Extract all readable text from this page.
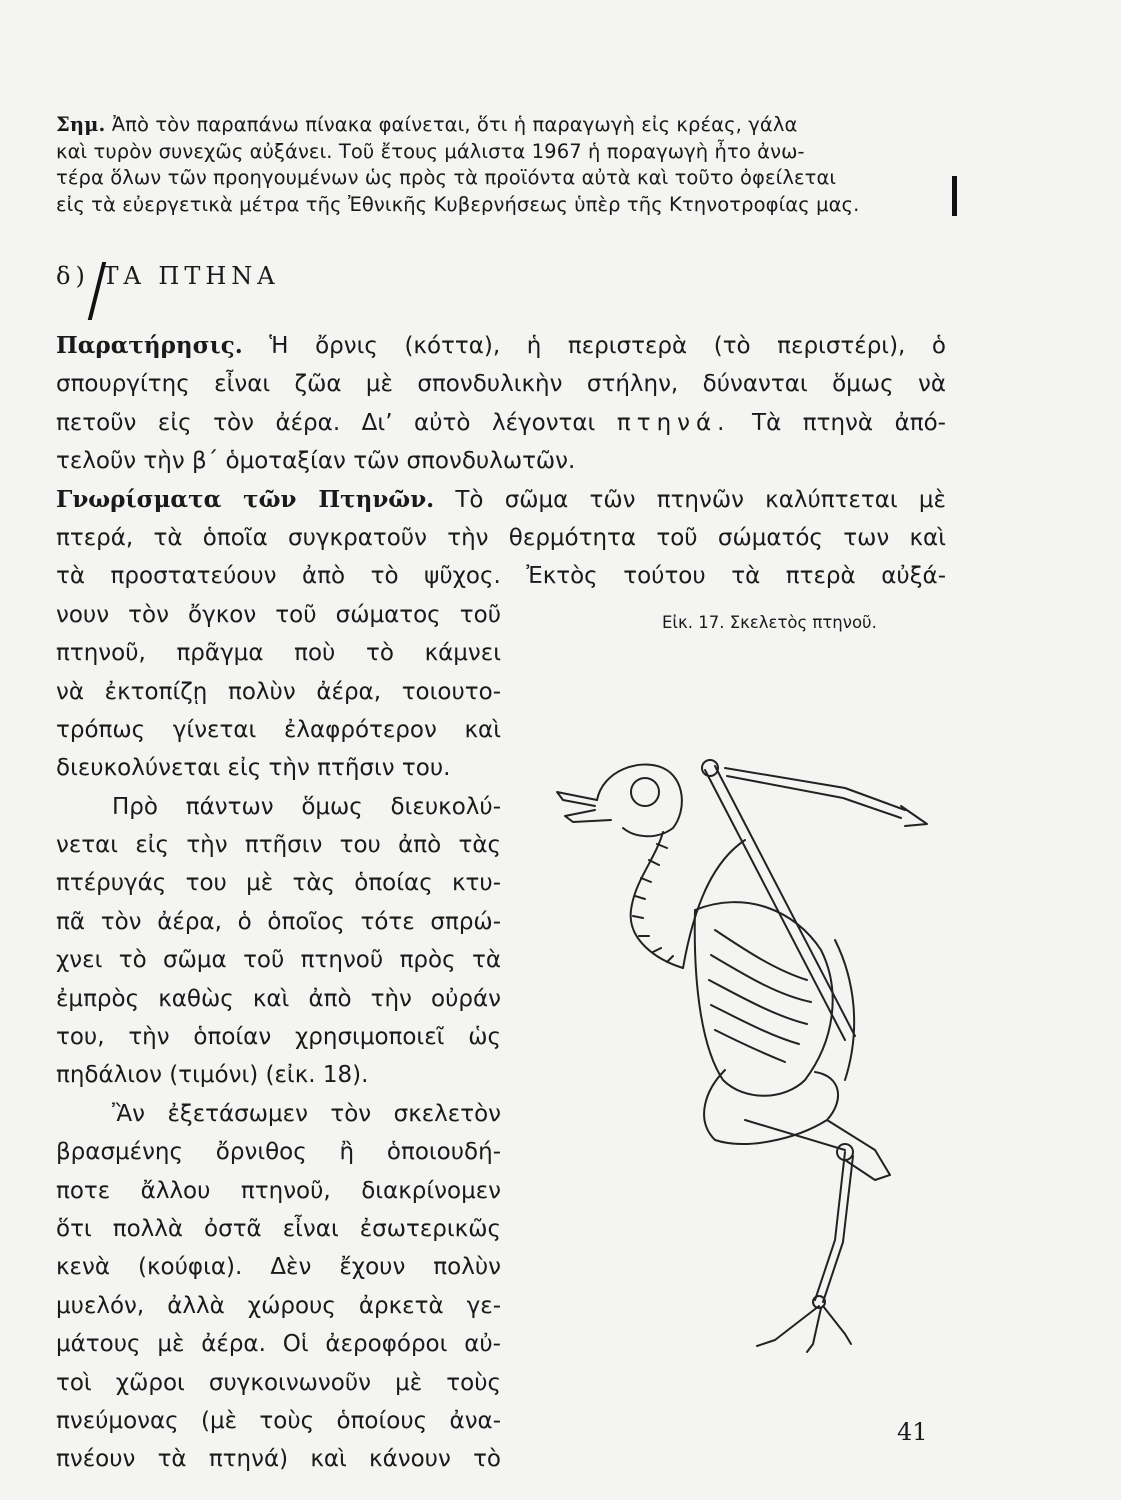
Σημ. Ἀπὸ τὸν παραπάνω πίνακα φαίνεται, ὅτι ἡ παραγωγὴ εἰς κρέας, γάλα
καὶ τυρὸν συνεχῶς αὐξάνει. Τοῦ ἔτους μάλιστα 1967 ἡ ποραγωγὴ ἦτο ἀνω-
τέρα ὅλων τῶν προηγουμένων ὡς πρὸς τὰ προϊόντα αὐτὰ καὶ τοῦτο ὀφείλεται
εἰς τὰ εὐεργετικὰ μέτρα τῆς Ἐθνικῆς Κυβερνήσεως ὑπὲρ τῆς Κτηνοτροφίας μας.
δ) ΤΑ ΠΤΗΝΑ
Παρατήρησις. Ἡ ὄρνις (κόττα), ἡ περιστερὰ (τὸ περιστέρι), ὁ
σπουργίτης εἶναι ζῶα μὲ σπονδυλικὴν στήλην, δύνανται ὅμως νὰ
πετοῦν εἰς τὸν ἀέρα. Δι’ αὐτὸ λέγονται πτηνά. Τὰ πτηνὰ ἀπό-
τελοῦν τὴν β΄ ὁμοταξίαν τῶν σπονδυλωτῶν.
Γνωρίσματα τῶν Πτηνῶν. Τὸ σῶμα τῶν πτηνῶν καλύπτεται μὲ
πτερά, τὰ ὁποῖα συγκρατοῦν τὴν θερμότητα τοῦ σώματός των καὶ
τὰ προστατεύουν ἀπὸ τὸ ψῦχος. Ἐκτὸς τούτου τὰ πτερὰ αὐξά-
νουν τὸν ὄγκον τοῦ σώματος τοῦ
πτηνοῦ, πρᾶγμα ποὺ τὸ κάμνει
νὰ ἐκτοπίζῃ πολὺν ἀέρα, τοιουτο-
τρόπως γίνεται ἐλαφρότερον καὶ
διευκολύνεται εἰς τὴν πτῆσιν του.
Πρὸ πάντων ὅμως διευκολύ-
νεται εἰς τὴν πτῆσιν του ἀπὸ τὰς
πτέρυγάς του μὲ τὰς ὁποίας κτυ-
πᾶ τὸν ἀέρα, ὁ ὁποῖος τότε σπρώ-
χνει τὸ σῶμα τοῦ πτηνοῦ πρὸς τὰ
ἐμπρὸς καθὼς καὶ ἀπὸ τὴν οὐράν
του, τὴν ὁποίαν χρησιμοποιεῖ ὡς
πηδάλιον (τιμόνι) (εἰκ. 18).
Ἂν ἐξετάσωμεν τὸν σκελετὸν
βρασμένης ὄρνιθος ἢ ὁποιουδή-
ποτε ἄλλου πτηνοῦ, διακρίνομεν
ὅτι πολλὰ ὀστᾶ εἶναι ἐσωτερικῶς
κενὰ (κούφια). Δὲν ἔχουν πολὺν
μυελόν, ἀλλὰ χώρους ἀρκετὰ γε-
μάτους μὲ ἀέρα. Οἱ ἀεροφόροι αὐ-
τοὶ χῶροι συγκοινωνοῦν μὲ τοὺς
πνεύμονας (μὲ τοὺς ὁποίους ἀνα-
πνέουν τὰ πτηνά) καὶ κάνουν τὸ
Εἰκ. 17. Σκελετὸς πτηνοῦ.
41
